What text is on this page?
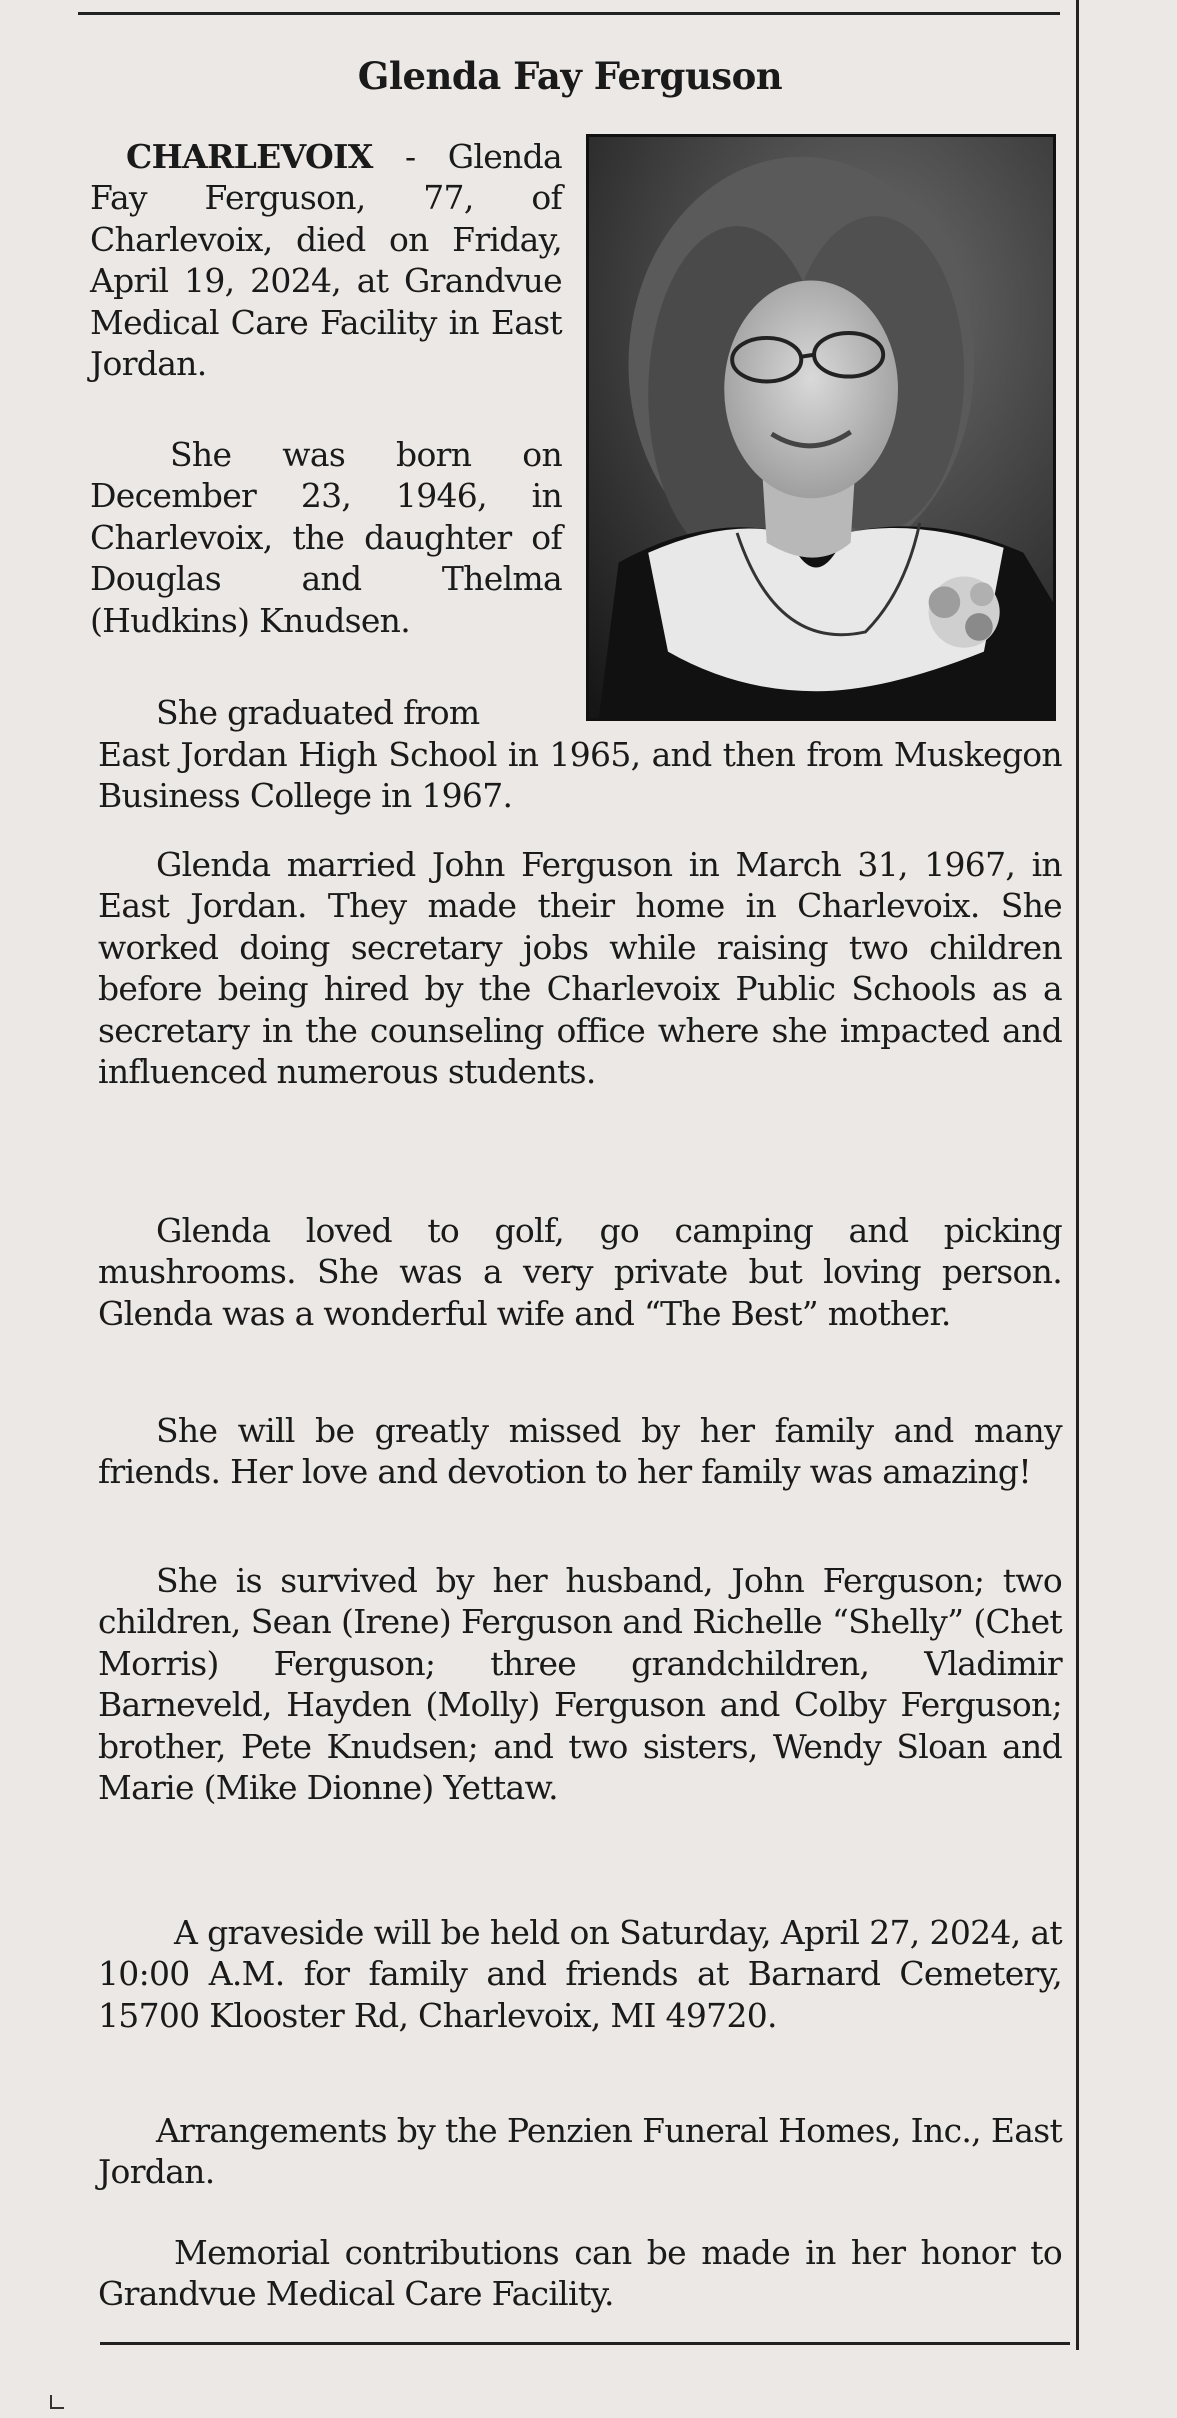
Glenda Fay Ferguson

CHARLEVOIX - Glenda Fay Ferguson, 77, of Charlevoix, died on Friday, April 19, 2024, at Grandvue Medical Care Facility in East Jordan.

She was born on December 23, 1946, in Charlevoix, the daughter of Douglas and Thelma (Hudkins) Knudsen.

She graduated from

East Jordan High School in 1965, and then from Muskegon Business College in 1967.

Glenda married John Ferguson in March 31, 1967, in East Jordan. They made their home in Charlevoix. She worked doing secretary jobs while raising two children before being hired by the Charlevoix Public Schools as a secretary in the counseling office where she impacted and influenced numerous students.

Glenda loved to golf, go camping and picking mushrooms. She was a very private but loving person. Glenda was a wonderful wife and “The Best” mother.

She will be greatly missed by her family and many friends. Her love and devotion to her family was amazing!

She is survived by her husband, John Ferguson; two children, Sean (Irene) Ferguson and Richelle “Shelly” (Chet Morris) Ferguson; three grandchildren, Vladimir Barneveld, Hayden (Molly) Ferguson and Colby Ferguson; brother, Pete Knudsen; and two sisters, Wendy Sloan and Marie (Mike Dionne) Yettaw.

A graveside will be held on Saturday, April 27, 2024, at 10:00 A.M. for family and friends at Barnard Cemetery, 15700 Klooster Rd, Charlevoix, MI 49720.

Arrangements by the Penzien Funeral Homes, Inc., East Jordan.

Memorial contributions can be made in her honor to Grandvue Medical Care Facility.
